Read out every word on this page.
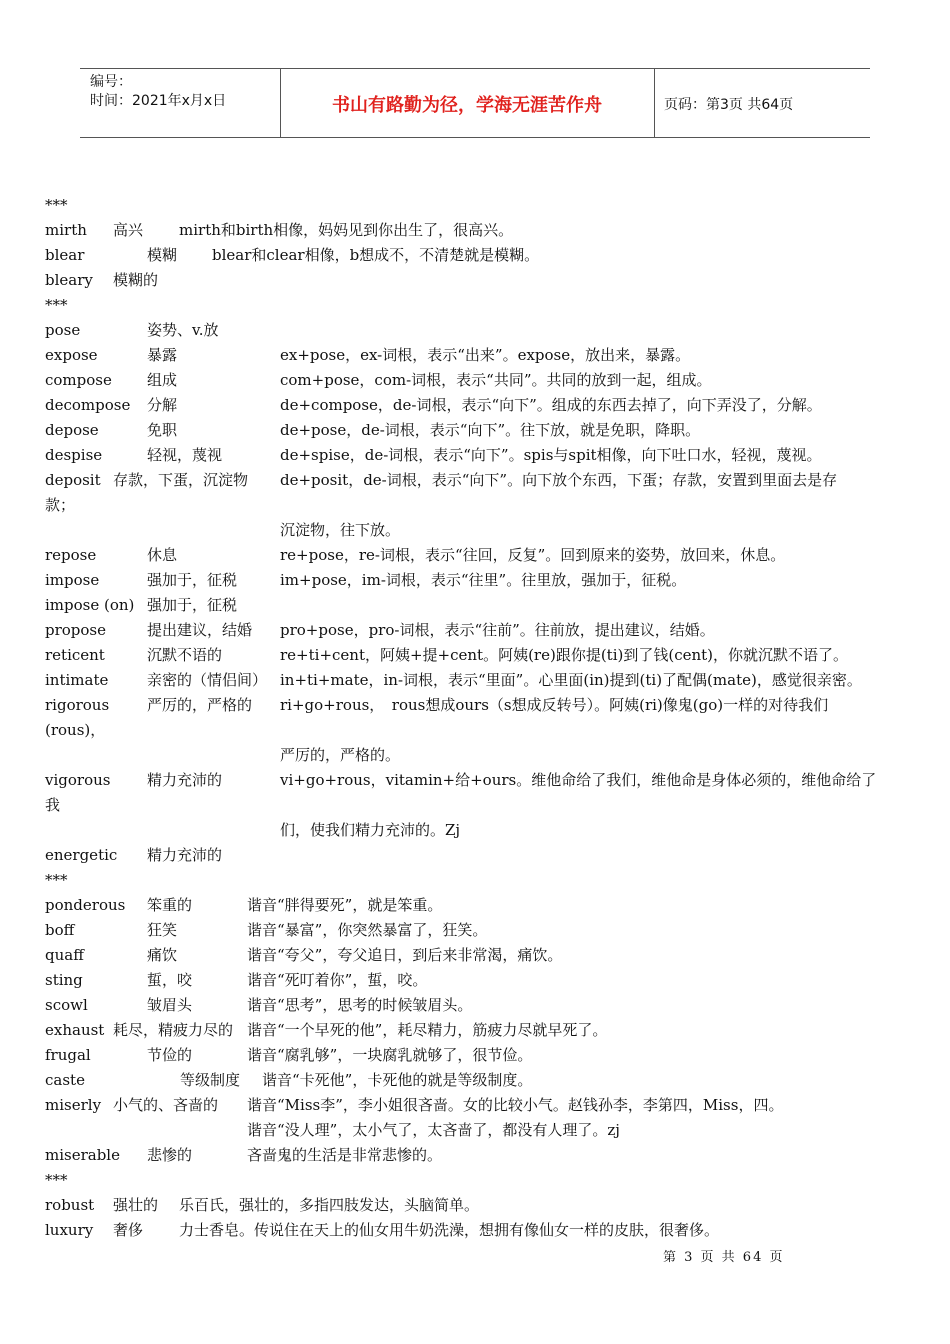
编号：
时间：2021年x月x日	书山有路勤为径，学海无涯苦作舟	页码：第3页 共64页
***
mirth 高兴 mirth和birth相像，妈妈见到你出生了，很高兴。
blear	模糊 blear和clear相像，b想成不，不清楚就是模糊。
bleary 模糊的
***
pose	姿势、v.放
expose	暴露	ex+pose，ex-词根，表示“出来”。expose，放出来，暴露。
compose 组成	com+pose，com-词根，表示“共同”。共同的放到一起，组成。
decompose 分解	de+compose，de-词根，表示“向下”。组成的东西去掉了，向下弄没了，分解。
depose	免职	de+pose，de-词根，表示“向下”。往下放，就是免职，降职。
despise	轻视，蔑视	de+spise，de-词根，表示“向下”。spis与spit相像，向下吐口水，轻视，蔑视。
deposit 存款，下蛋，沉淀物 de+posit，de-词根，表示“向下”。向下放个东西，下蛋；存款，安置到里面去是存
款；
沉淀物，往下放。
repose	休息	re+pose，re-词根，表示“往回，反复”。回到原来的姿势，放回来，休息。
impose	强加于，征税	im+pose，im-词根，表示“往里”。往里放，强加于，征税。
impose (on) 强加于，征税
propose	提出建议，结婚 pro+pose，pro-词根，表示“往前”。往前放，提出建议，结婚。
reticent	沉默不语的	re+ti+cent，阿姨+提+cent。阿姨(re)跟你提(ti)到了钱(cent)，你就沉默不语了。
intimate	亲密的（情侣间） in+ti+mate，in-词根，表示“里面”。心里面(in)提到(ti)了配偶(mate)，感觉很亲密。
rigorous	严厉的，严格的 ri+go+rous，　rous想成ours（s想成反转号）。阿姨(ri)像鬼(go)一样的对待我们
(rous)，
严厉的，严格的。
vigorous 精力充沛的	vi+go+rous，vitamin+给+ours。维他命给了我们，维他命是身体必须的，维他命给了
我
们，使我们精力充沛的。Zj
energetic 精力充沛的
***
ponderous 笨重的	谐音“胖得要死”，就是笨重。
boff	狂笑	谐音“暴富”，你突然暴富了，狂笑。
quaff	痛饮	谐音“夸父”，夸父追日，到后来非常渴，痛饮。
sting	蜇，咬	谐音“死叮着你”，蜇，咬。
scowl	皱眉头	谐音“思考”，思考的时候皱眉头。
exhaust 耗尽，精疲力尽的 谐音“一个早死的他”，耗尽精力，筋疲力尽就早死了。
frugal	节俭的	谐音“腐乳够”，一块腐乳就够了，很节俭。
caste	等级制度 谐音“卡死他”，卡死他的就是等级制度。
miserly 小气的、吝啬的 谐音“Miss李”，李小姐很吝啬。女的比较小气。赵钱孙李，李第四，Miss，四。
谐音“没人理”，太小气了，太吝啬了，都没有人理了。zj
miserable 悲惨的	吝啬鬼的生活是非常悲惨的。
***
robust 强壮的 乐百氏，强壮的，多指四肢发达，头脑简单。
luxury 奢侈 力士香皂。传说住在天上的仙女用牛奶洗澡，想拥有像仙女一样的皮肤，很奢侈。
第 3 页 共 64 页
